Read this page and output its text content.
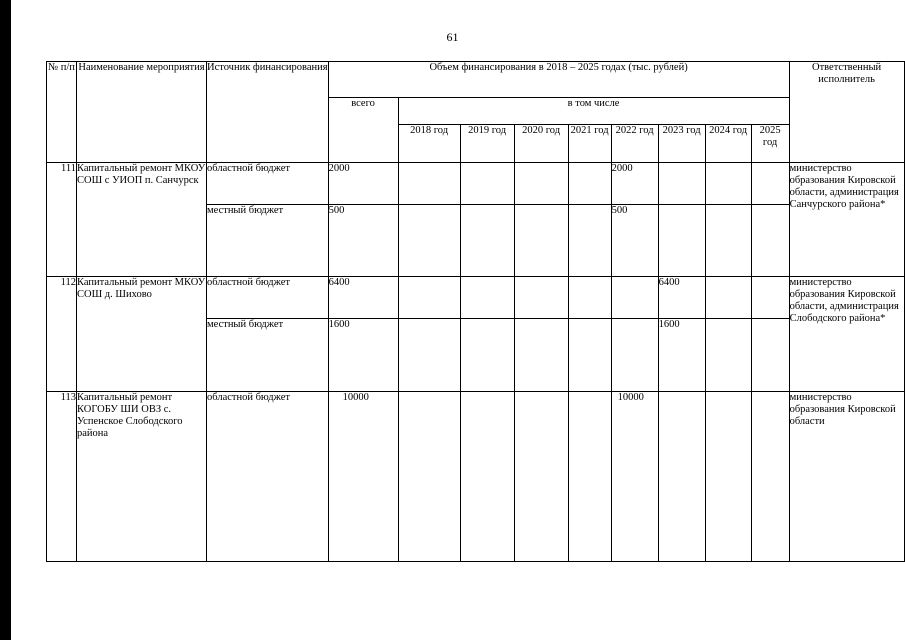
61
№ п/п	Наименование мероприятия	Источник финансирования	Объем финансирования в 2018 – 2025 годах (тыс. рублей)									Ответственный исполнитель
			всего	в том числе								
				2018 год	2019 год	2020 год	2021 год	2022 год	2023 год	2024 год	2025 год	
111	Капитальный ремонт МКОУ СОШ с УИОП п. Санчурск	областной бюджет	2000					2000				министерство образования Кировской области, администрация Санчурского района*
		местный бюджет	500					500				
112	Капитальный ремонт МКОУ СОШ д. Шихово	областной бюджет	6400						6400			министерство образования Кировской области, администрация Слободского района*
		местный бюджет	1600						1600			
113	Капитальный ремонт КОГОБУ ШИ ОВЗ с. Успенское Слободского района	областной бюджет	10000					10000				министерство образования Кировской области
